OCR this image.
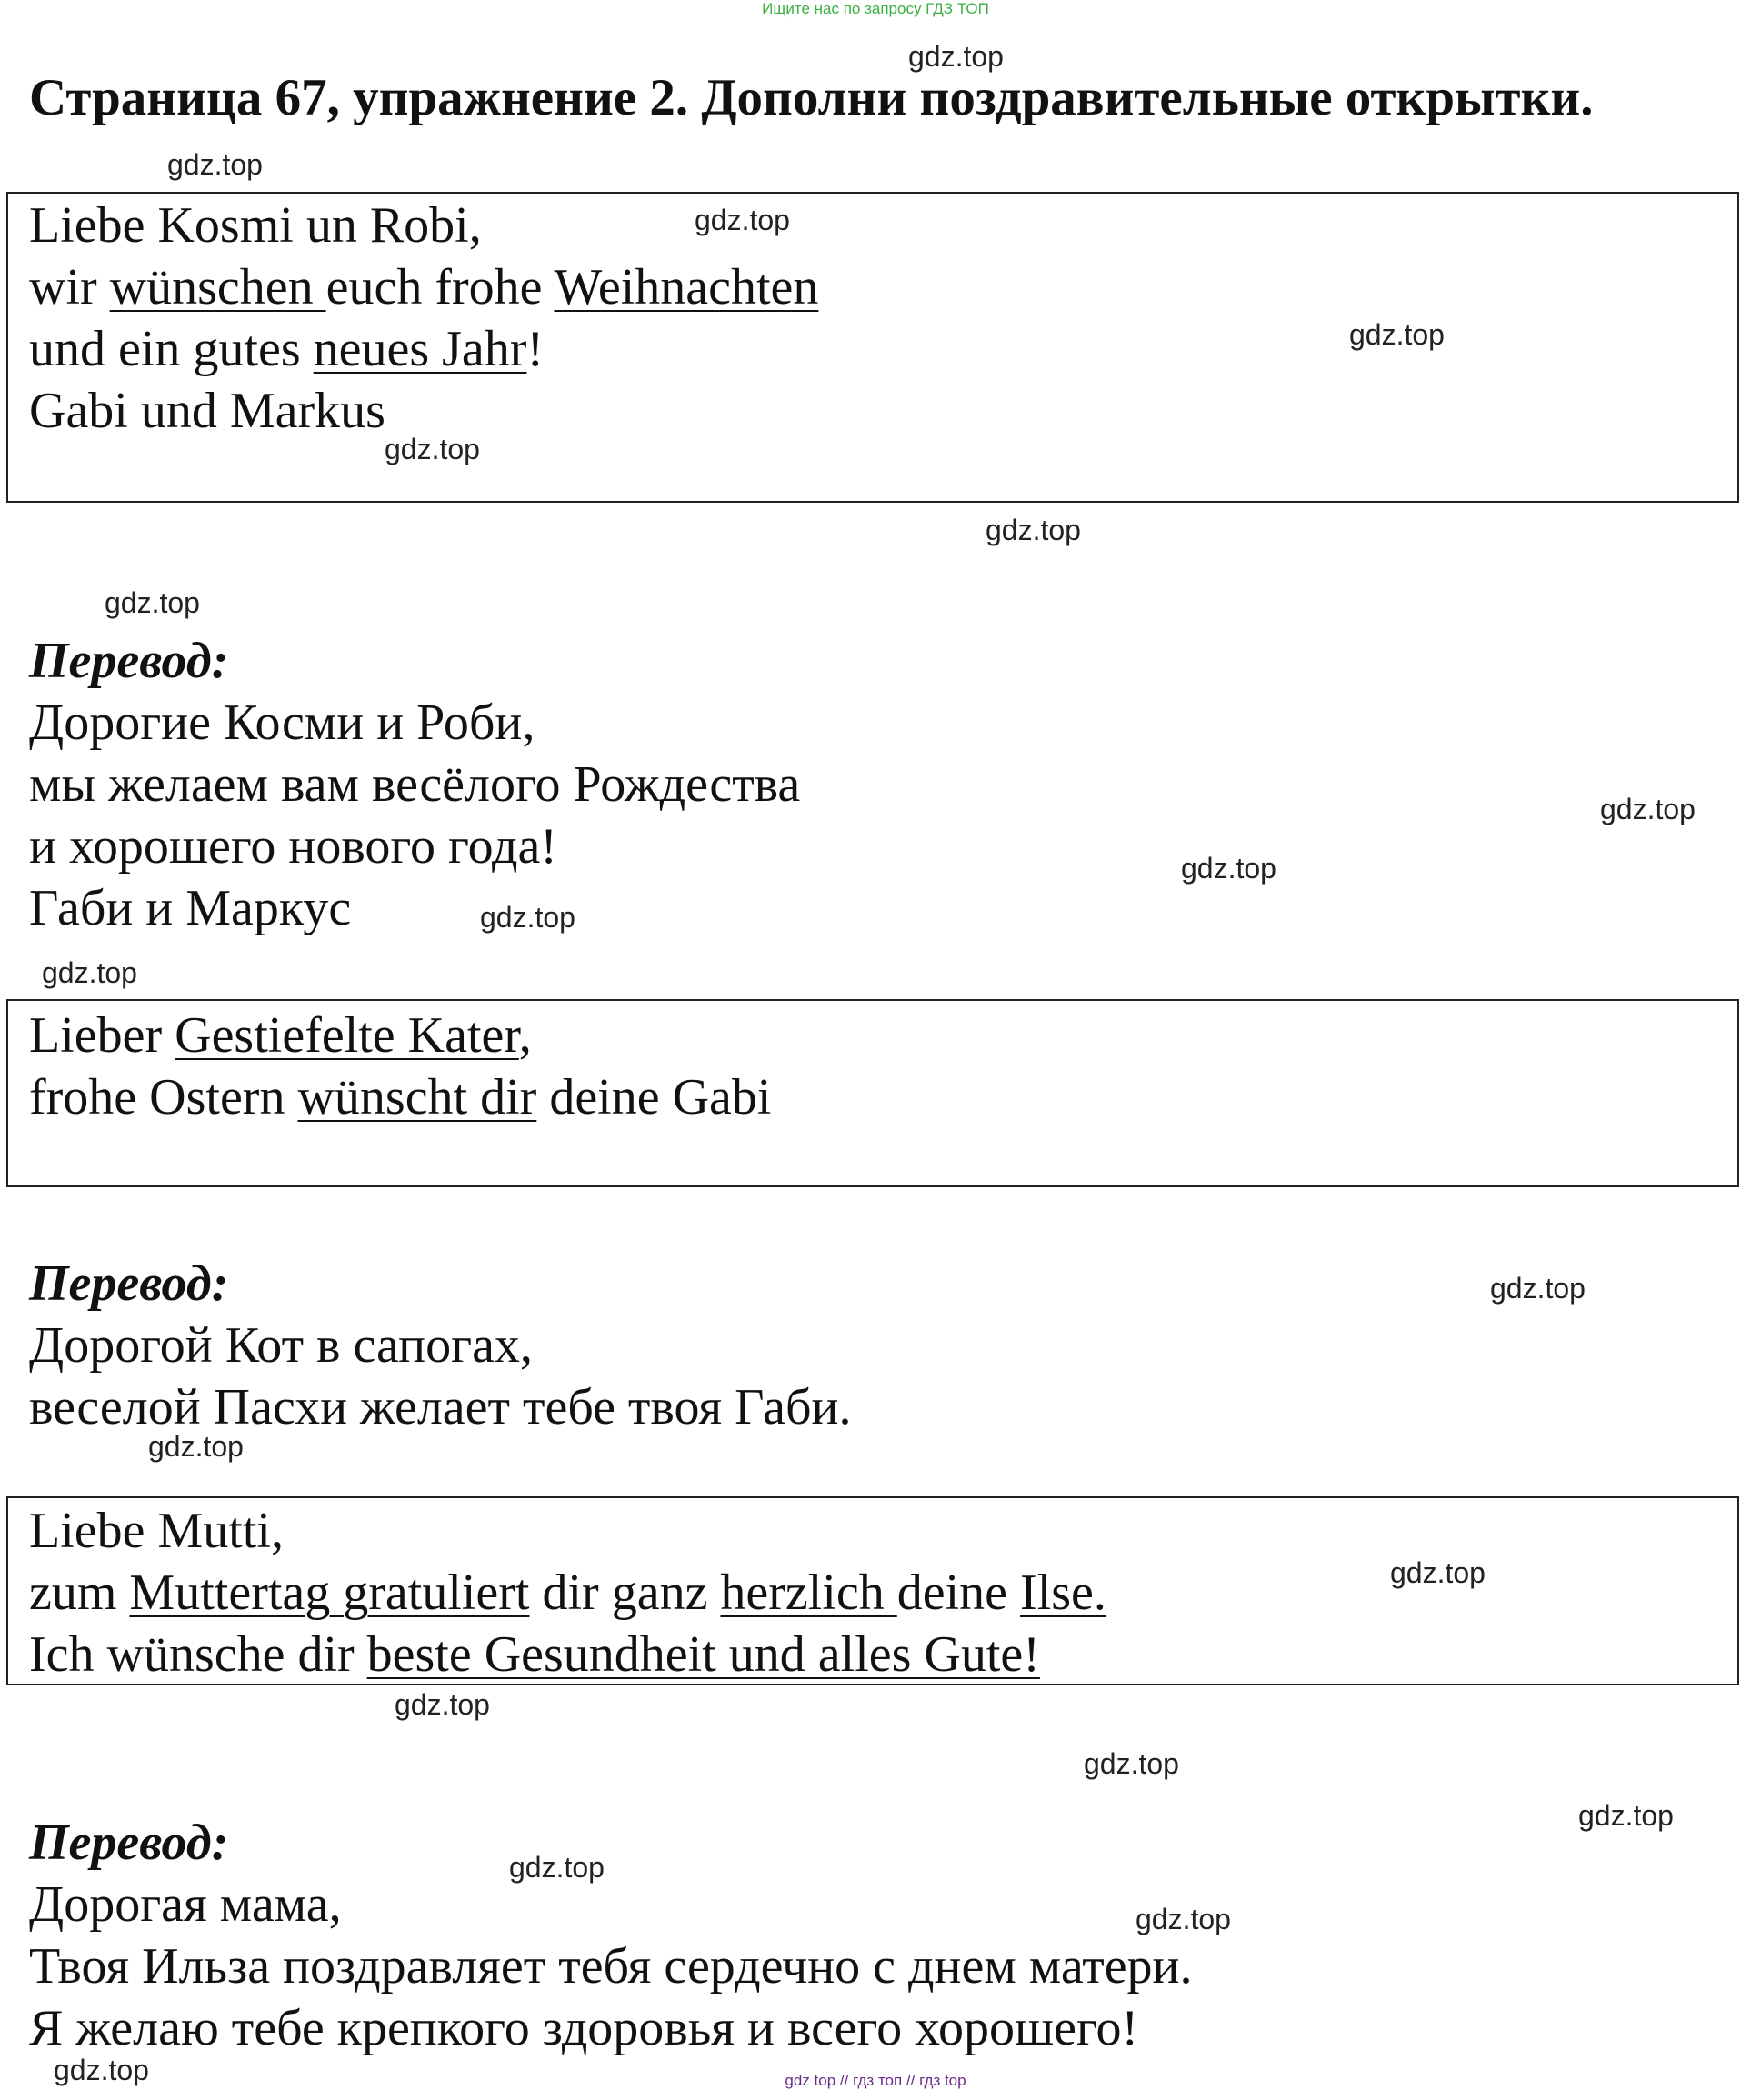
Ищите нас по запросу ГДЗ ТОП
Страница 67, упражнение 2. Дополни поздравительные открытки.
Liebe Kosmi un Robi,
wir wünschen euch frohe Weihnachten
und ein gutes neues Jahr!
Gabi und Markus
Перевод:
Дорогие Косми и Роби,
мы желаем вам весёлого Рождества
и хорошего нового года!
Габи и Маркус
Lieber Gestiefelte Kater,
frohe Ostern wünscht dir deine Gabi
Перевод:
Дорогой Кот в сапогах,
веселой Пасхи желает тебе твоя Габи.
Liebe Mutti,
zum Muttertag gratuliert dir ganz herzlich deine Ilse.
Ich wünsche dir beste Gesundheit und alles Gute!
Перевод:
Дорогая мама,
Твоя Ильза поздравляет тебя сердечно с днем матери.
Я желаю тебе крепкого здоровья и всего хорошего!
gdz.top
gdz.top
gdz.top
gdz.top
gdz.top
gdz.top
gdz.top
gdz.top
gdz.top
gdz.top
gdz.top
gdz.top
gdz.top
gdz.top
gdz.top
gdz.top
gdz.top
gdz.top
gdz.top
gdz.top	gdz top // гдз топ // гдз top
